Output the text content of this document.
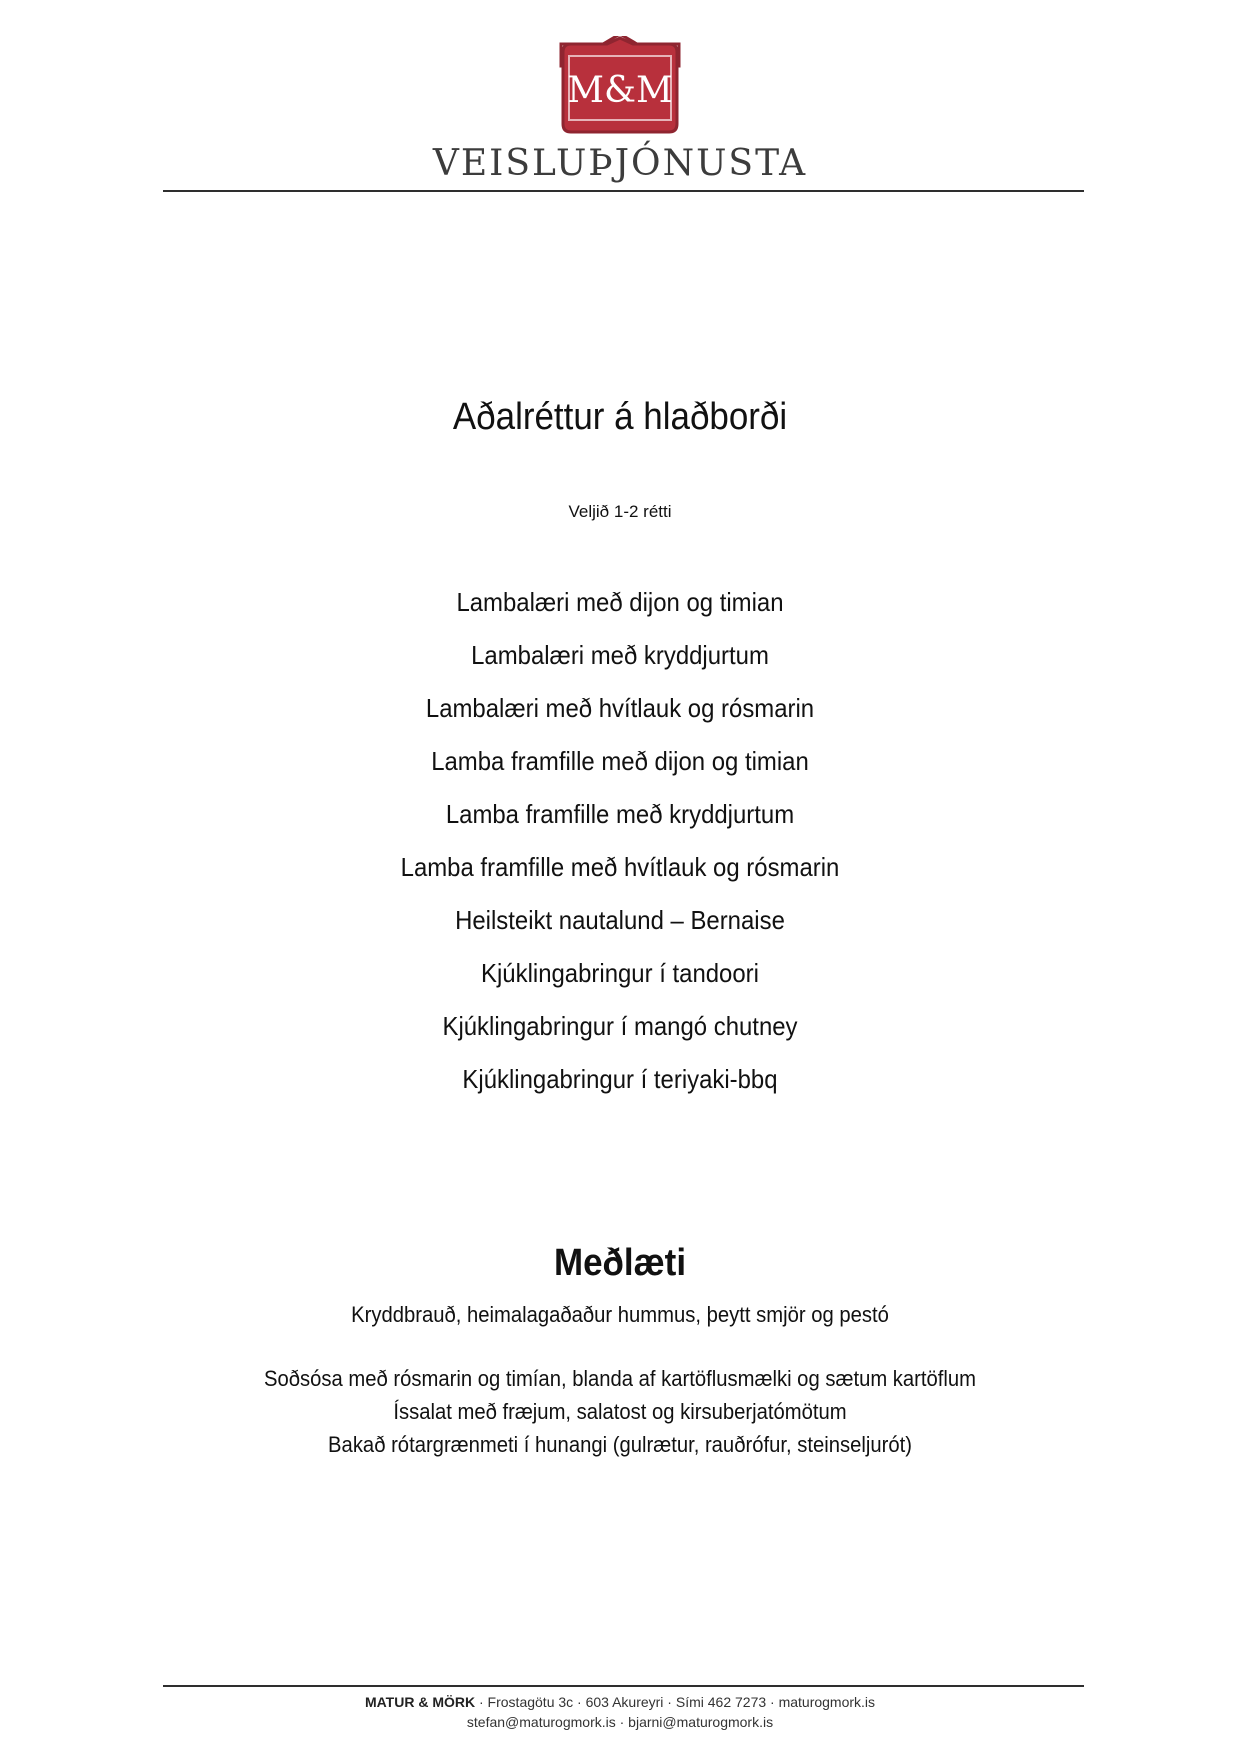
M&M
VEISLUÞJÓNUSTA
Aðalréttur á hlaðborði
Veljið 1-2 rétti
Lambalæri með dijon og timian
Lambalæri með kryddjurtum
Lambalæri með hvítlauk og rósmarin
Lamba framfille með dijon og timian
Lamba framfille með kryddjurtum
Lamba framfille með hvítlauk og rósmarin
Heilsteikt nautalund – Bernaise
Kjúklingabringur í tandoori
Kjúklingabringur í mangó chutney
Kjúklingabringur í teriyaki-bbq
Meðlæti
Kryddbrauð, heimalagaðaður hummus, þeytt smjör og pestó
Soðsósa með rósmarin og timían, blanda af kartöflusmælki og sætum kartöflum
Íssalat með fræjum, salatost og kirsuberjatómötum
Bakað rótargrænmeti í hunangi (gulrætur, rauðrófur, steinseljurót)
MATUR & MÖRK · Frostagötu 3c · 603 Akureyri · Sími 462 7273 · maturogmork.is
stefan@maturogmork.is · bjarni@maturogmork.is
